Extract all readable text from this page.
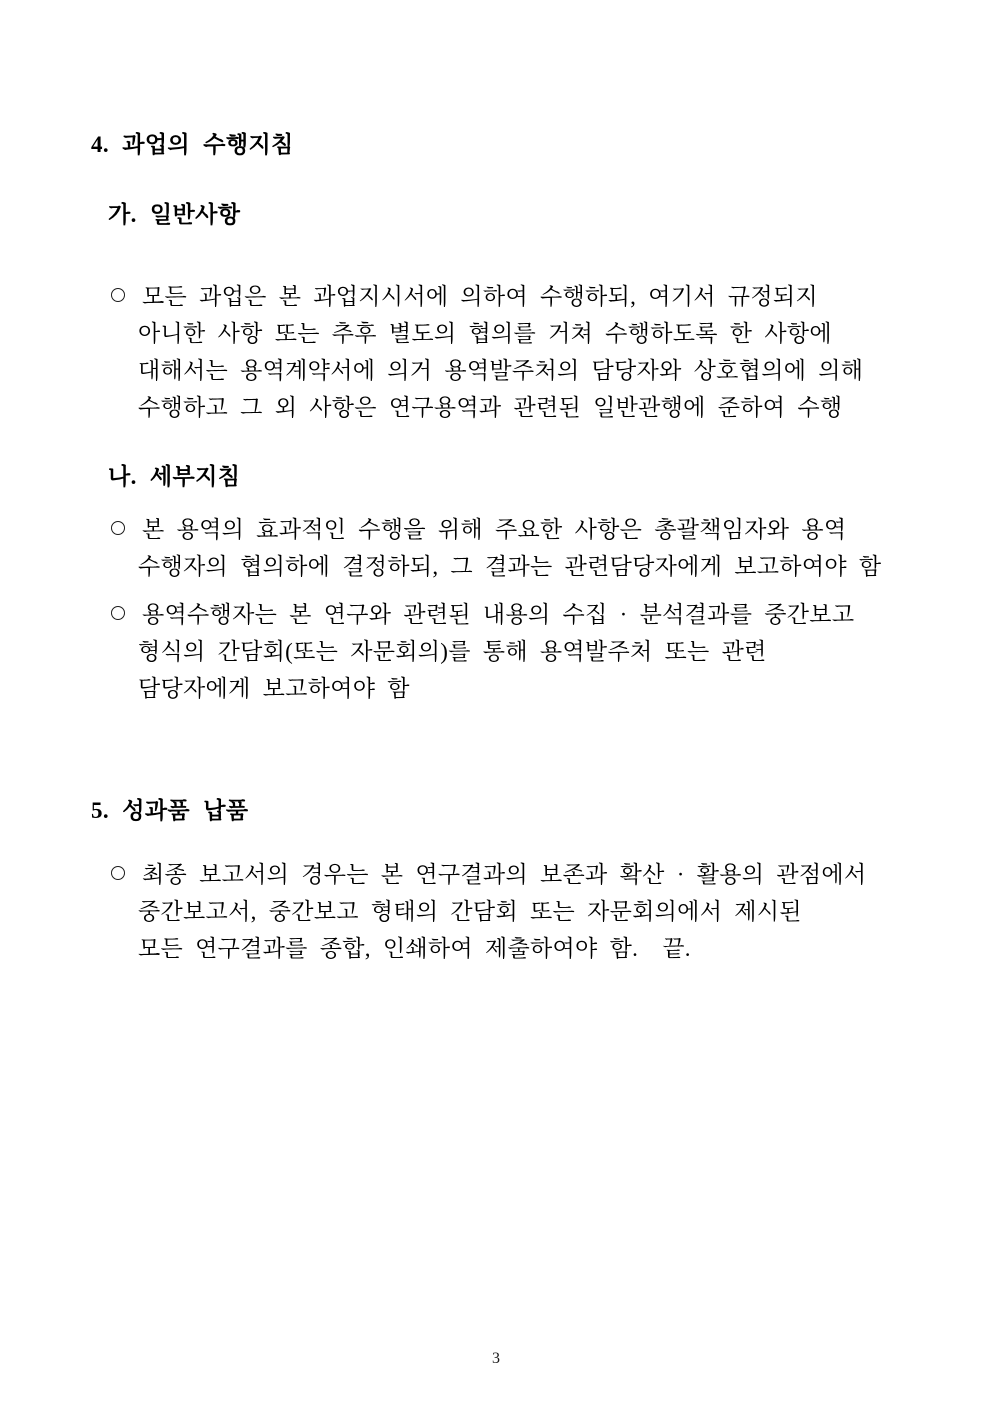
4. 과업의 수행지침
가. 일반사항
모든 과업은 본 과업지시서에 의하여 수행하되, 여기서 규정되지
아니한 사항 또는 추후 별도의 협의를 거쳐 수행하도록 한 사항에
대해서는 용역계약서에 의거 용역발주처의 담당자와 상호협의에 의해
수행하고 그 외 사항은 연구용역과 관련된 일반관행에 준하여 수행
나. 세부지침
본 용역의 효과적인 수행을 위해 주요한 사항은 총괄책임자와 용역
수행자의 협의하에 결정하되, 그 결과는 관련담당자에게 보고하여야 함
용역수행자는 본 연구와 관련된 내용의 수집 · 분석결과를 중간보고
형식의 간담회(또는 자문회의)를 통해 용역발주처 또는 관련
담당자에게 보고하여야 함
5. 성과품 납품
최종 보고서의 경우는 본 연구결과의 보존과 확산 · 활용의 관점에서
중간보고서, 중간보고 형태의 간담회 또는 자문회의에서 제시된
모든 연구결과를 종합, 인쇄하여 제출하여야 함.  끝.
3
